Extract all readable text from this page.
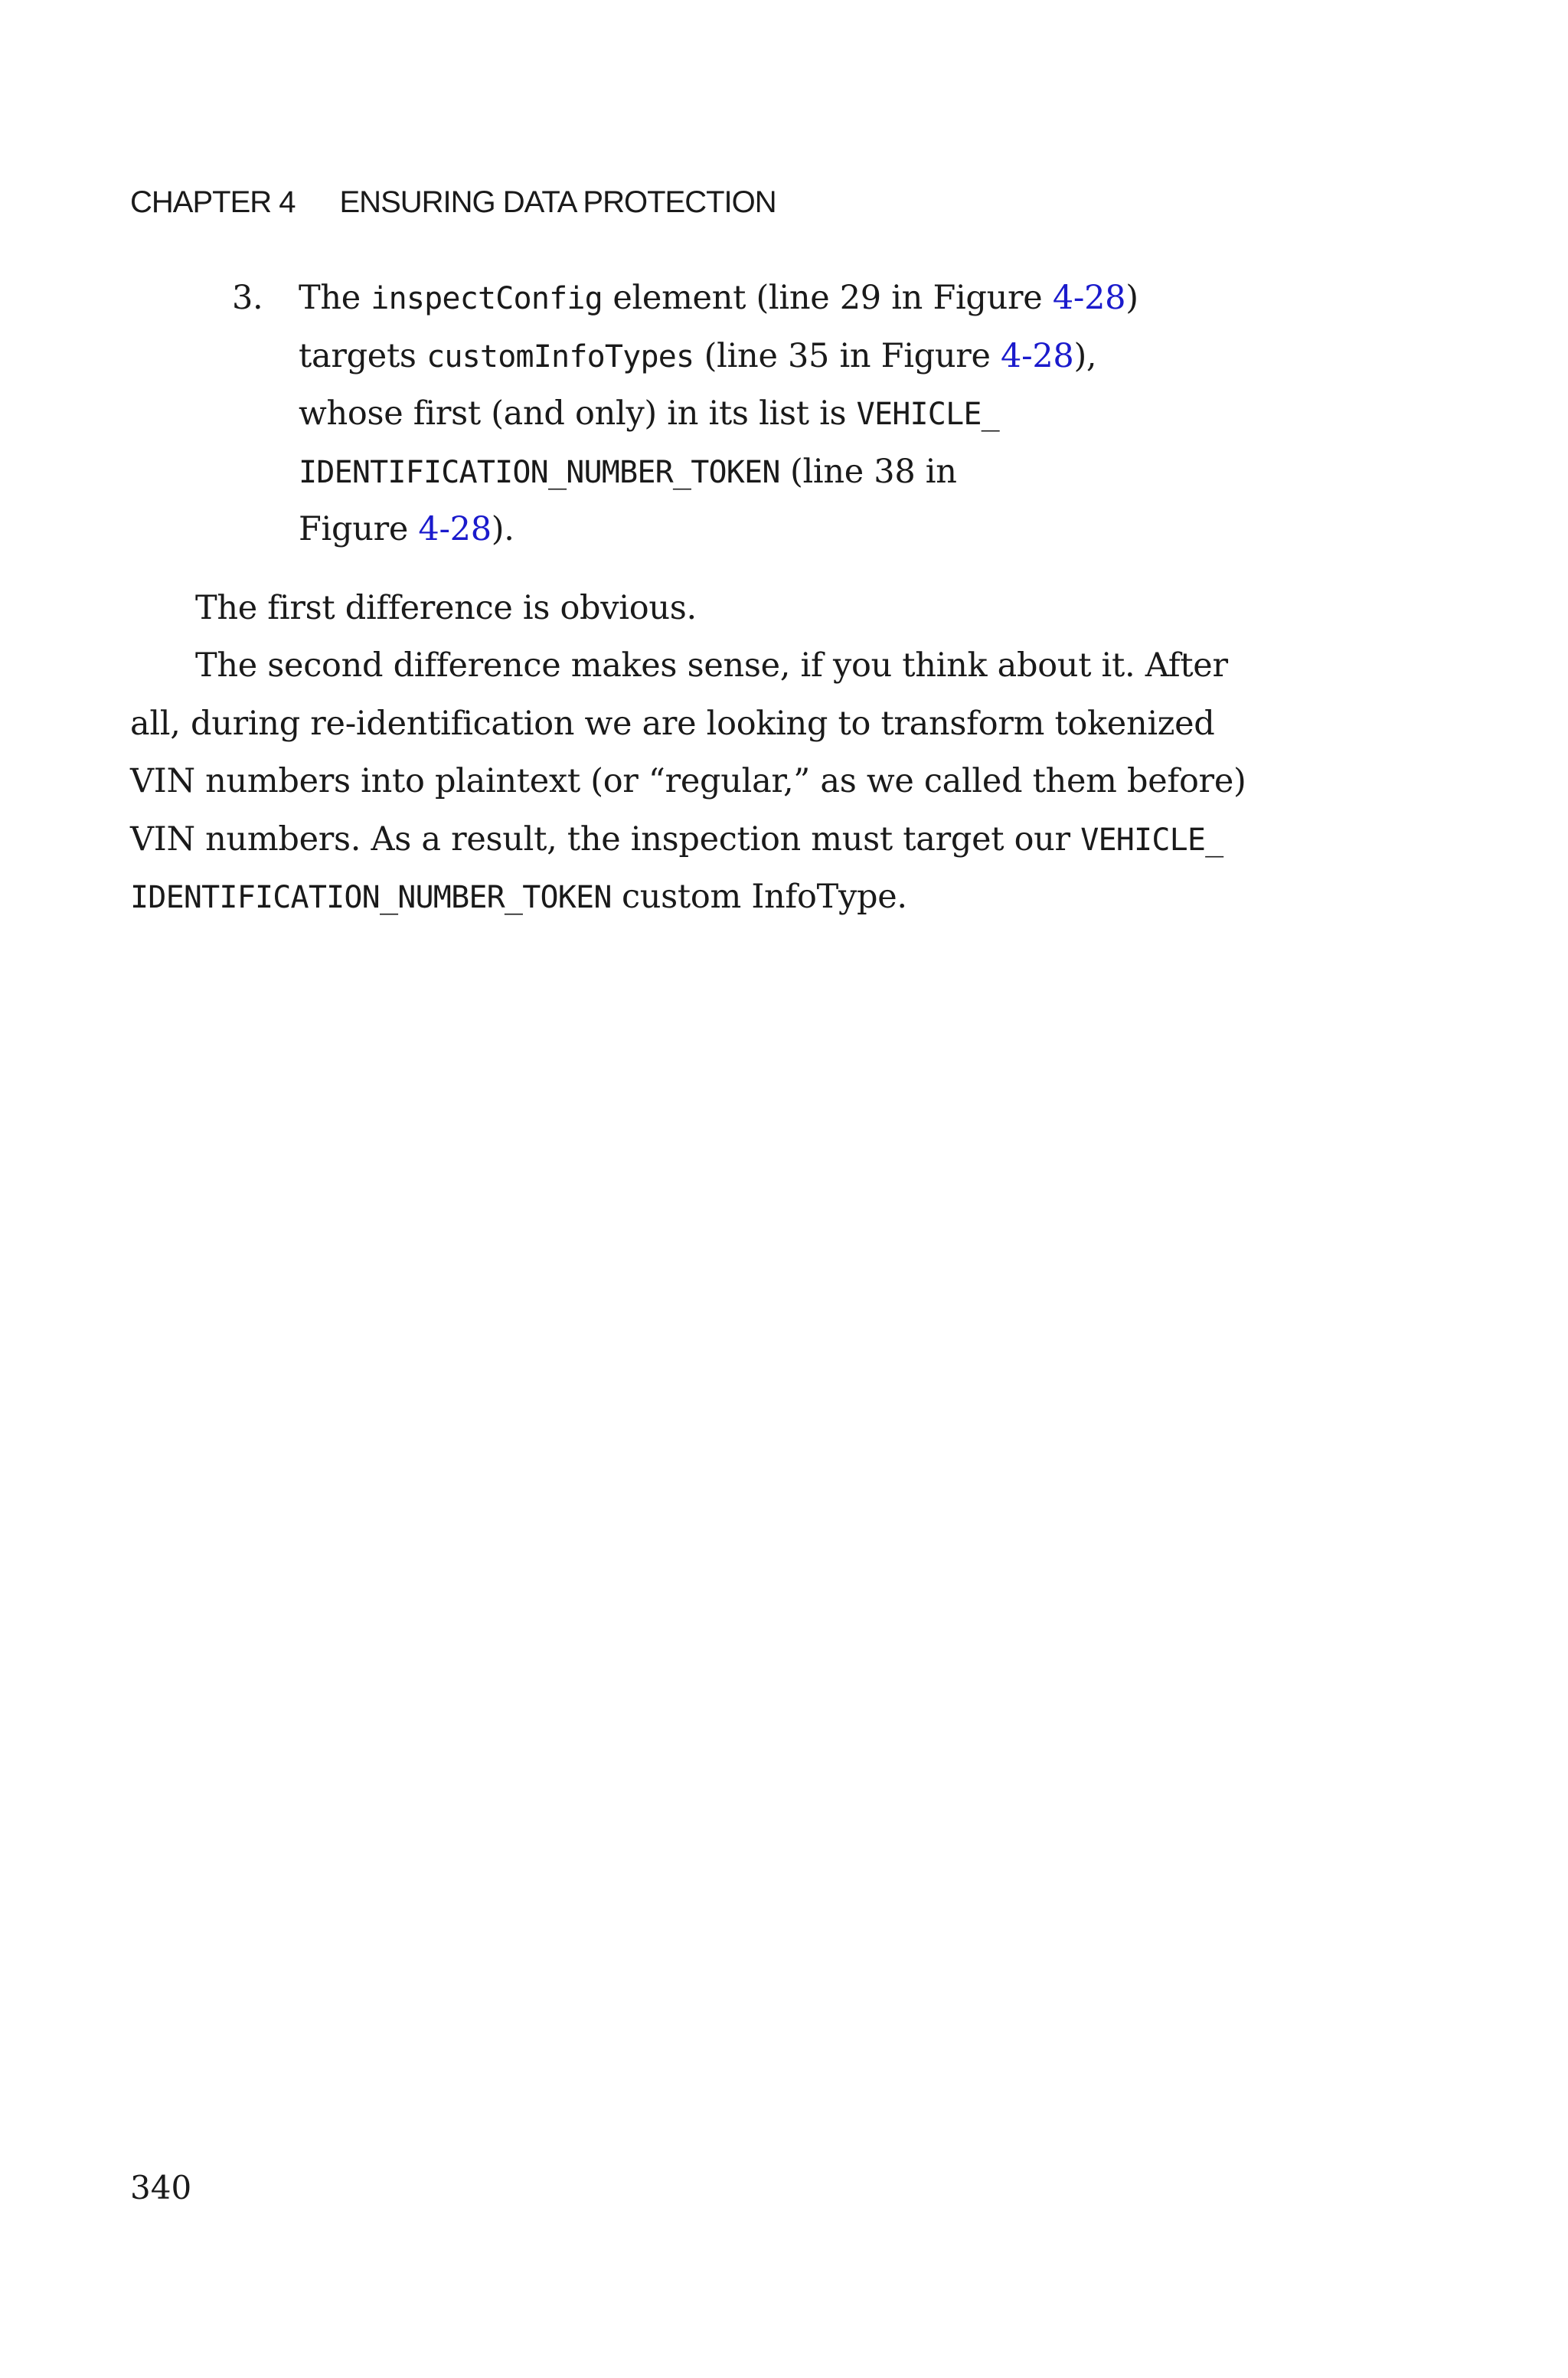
CHAPTER 4 ENSURING DATA PROTECTION
3. The inspectConfig element (line 29 in Figure 4-28)
targets customInfoTypes (line 35 in Figure 4-28),
whose first (and only) in its list is VEHICLE_
IDENTIFICATION_NUMBER_TOKEN (line 38 in
Figure 4-28).
The first difference is obvious.
The second difference makes sense, if you think about it. After
all, during re-identification we are looking to transform tokenized
VIN numbers into plaintext (or “regular,” as we called them before)
VIN numbers. As a result, the inspection must target our VEHICLE_
IDENTIFICATION_NUMBER_TOKEN custom InfoType.
340
